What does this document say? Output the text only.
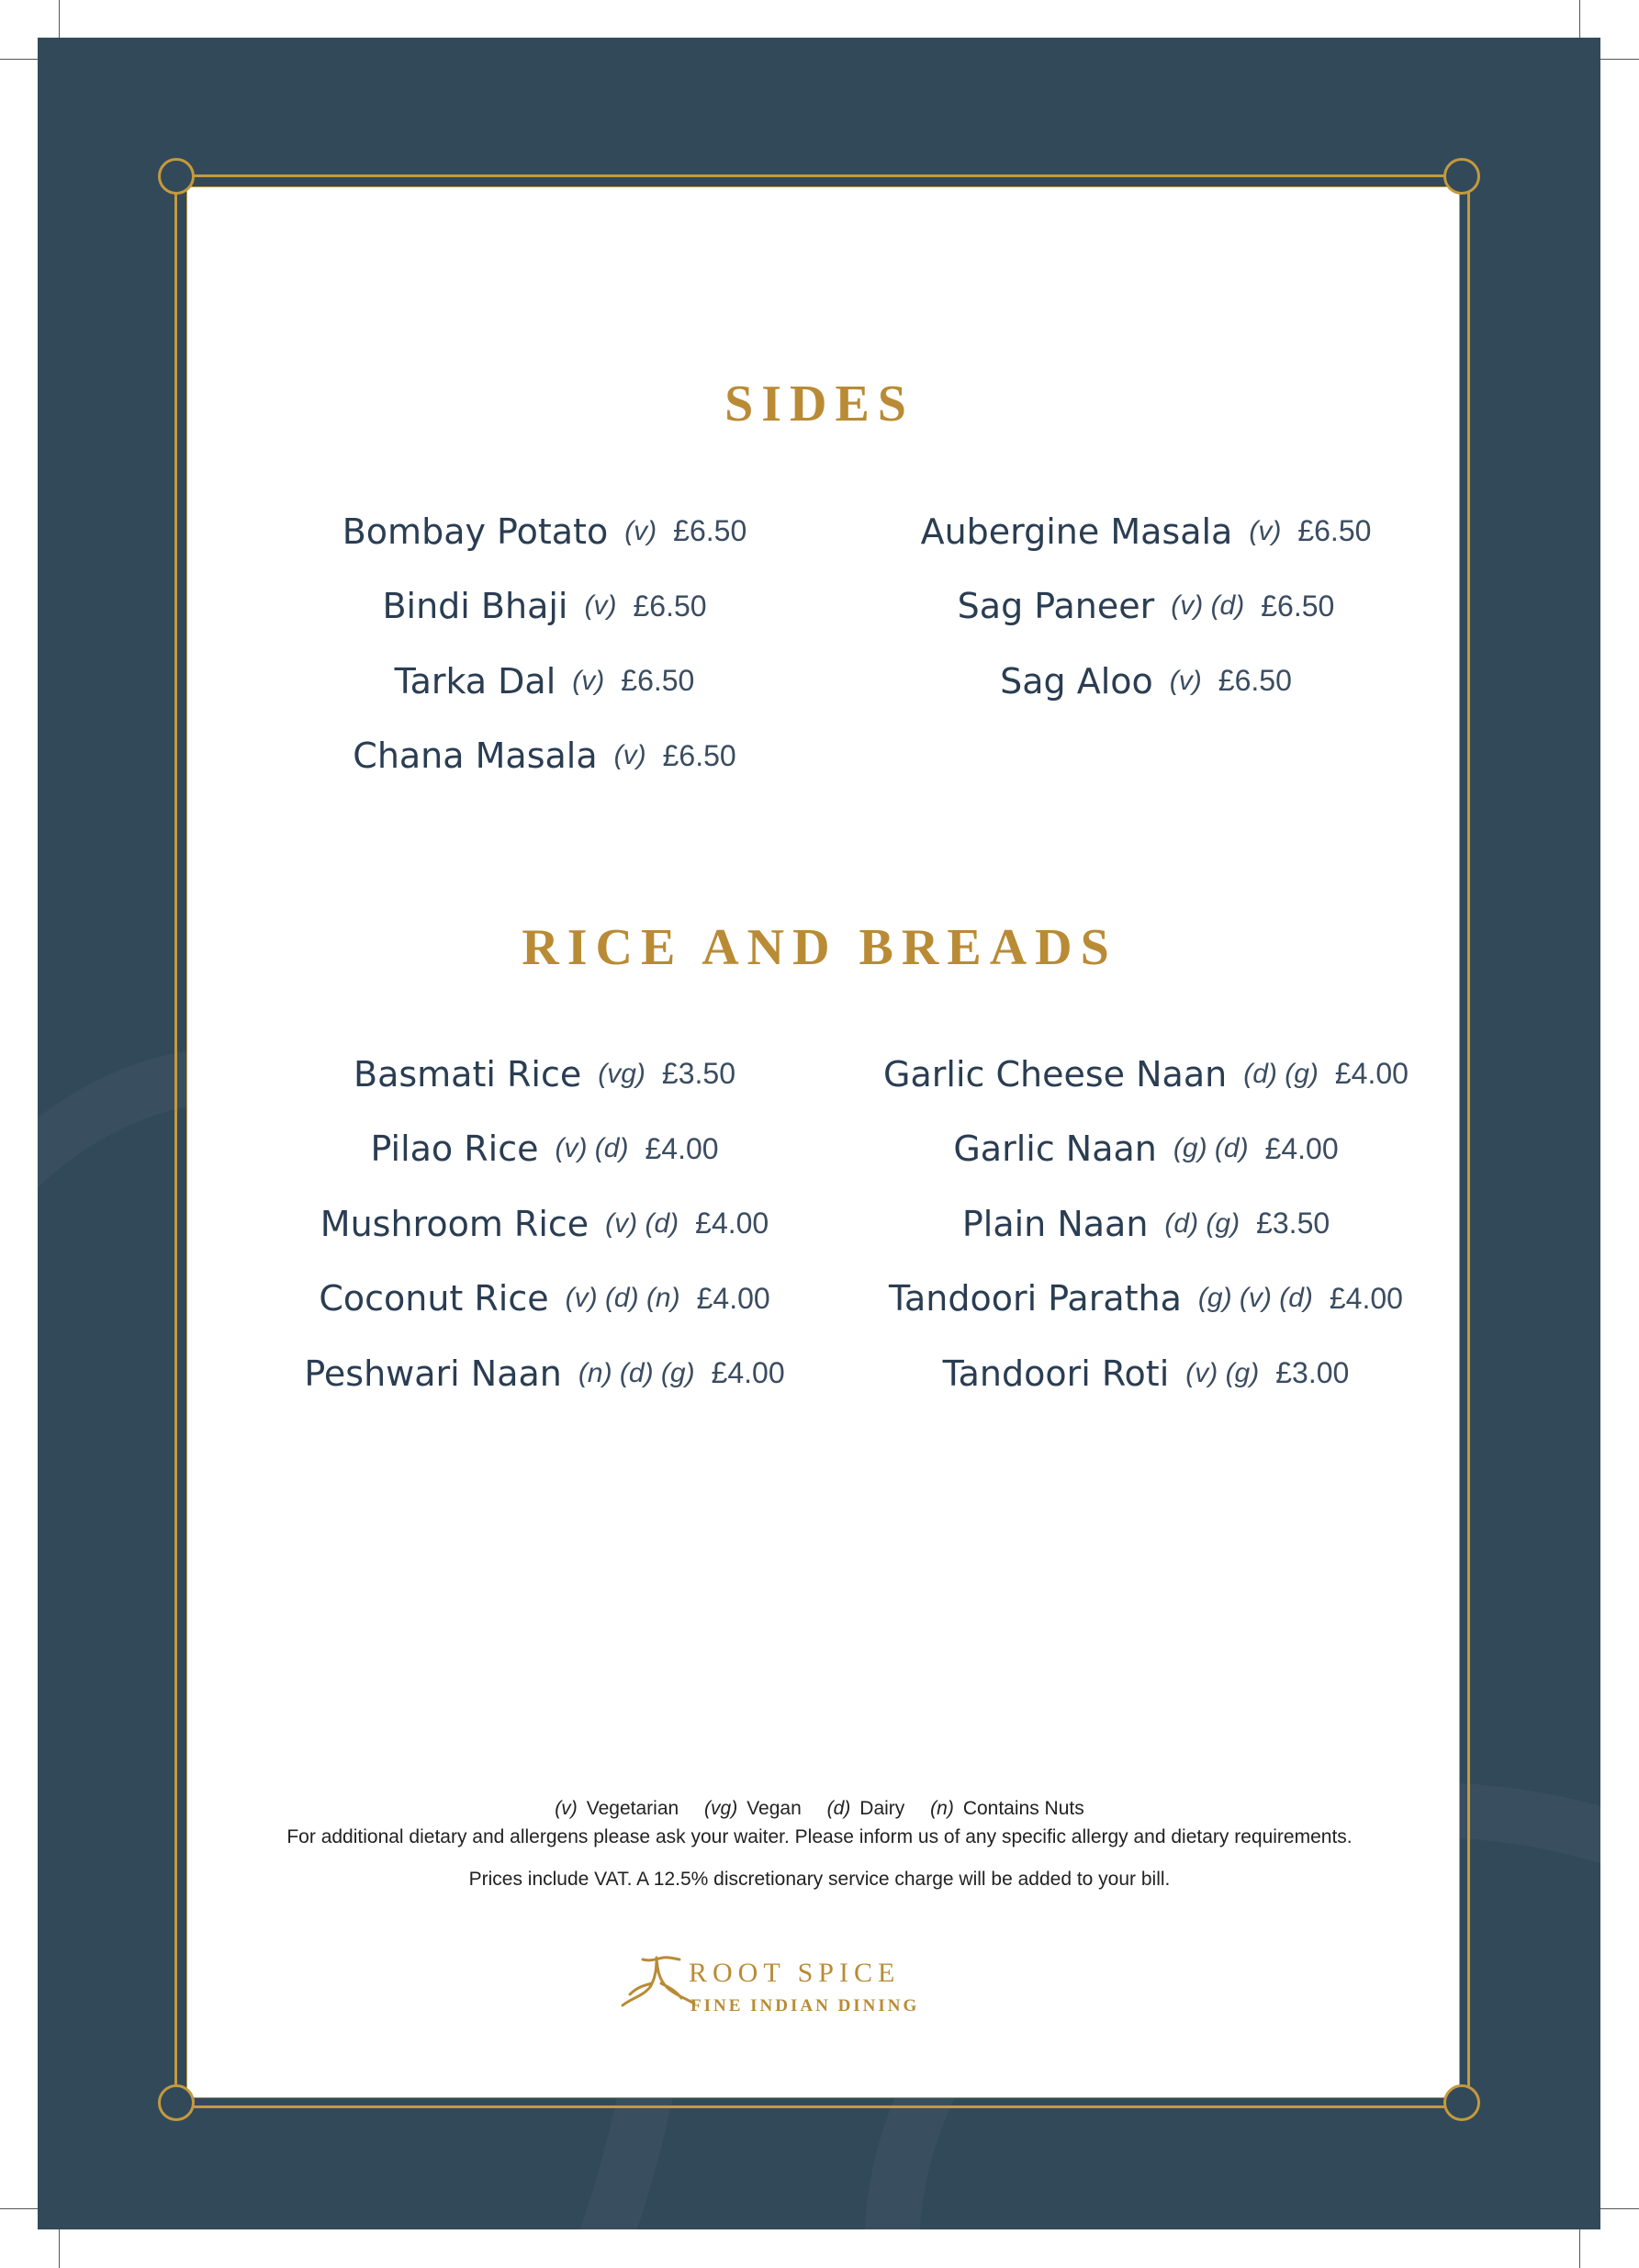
SIDES
Bombay Potato (v) £6.50
Bindi Bhaji (v) £6.50
Tarka Dal (v) £6.50
Chana Masala (v) £6.50
Aubergine Masala (v) £6.50
Sag Paneer (v) (d) £6.50
Sag Aloo (v) £6.50
RICE AND BREADS
Basmati Rice (vg) £3.50
Pilao Rice (v) (d) £4.00
Mushroom Rice (v) (d) £4.00
Coconut Rice (v) (d) (n) £4.00
Peshwari Naan (n) (d) (g) £4.00
Garlic Cheese Naan (d) (g) £4.00
Garlic Naan (g) (d) £4.00
Plain Naan (d) (g) £3.50
Tandoori Paratha (g) (v) (d) £4.00
Tandoori Roti (v) (g) £3.00
(v) Vegetarian (vg) Vegan (d) Dairy (n) Contains Nuts
For additional dietary and allergens please ask your waiter. Please inform us of any specific allergy and dietary requirements.
Prices include VAT. A 12.5% discretionary service charge will be added to your bill.
ROOT SPICE
FINE INDIAN DINING
